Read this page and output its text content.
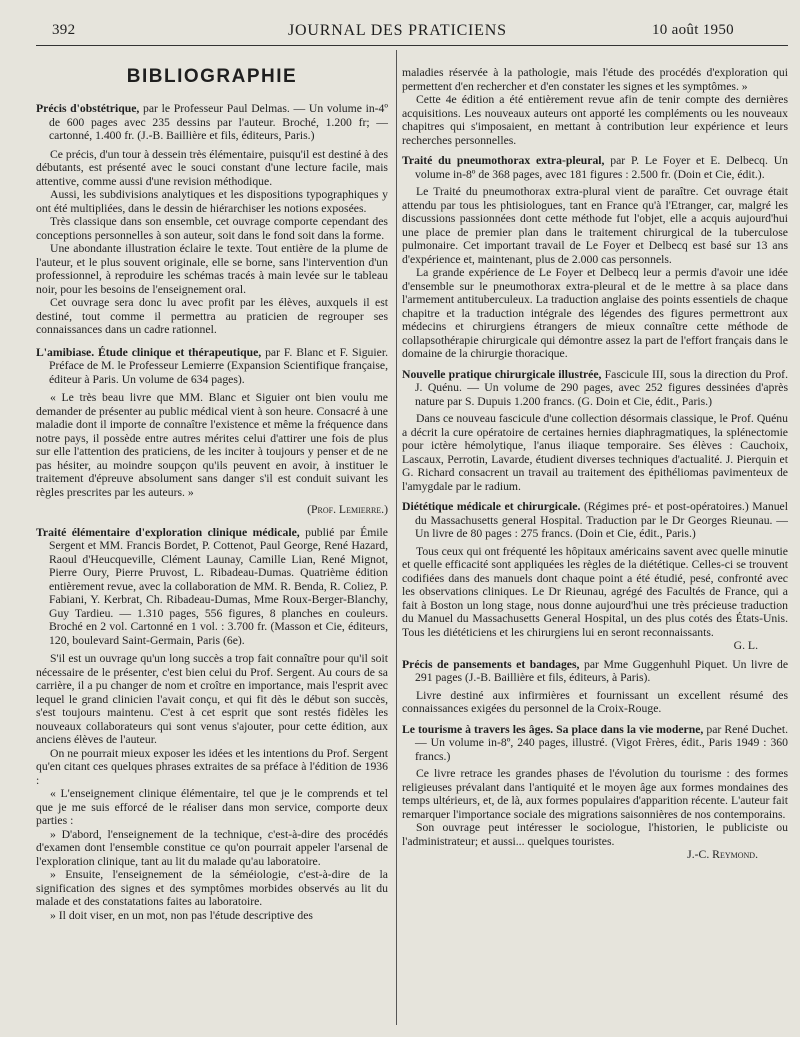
392	JOURNAL DES PRATICIENS	10 août 1950
BIBLIOGRAPHIE

Précis d'obstétrique, par le Professeur Paul Delmas. — Un volume in-4º de 600 pages avec 235 dessins par l'auteur. Broché, 1.200 fr; — cartonné, 1.400 fr. (J.-B. Baillière et fils, éditeurs, Paris.)

Ce précis, d'un tour à dessein très élémentaire, puisqu'il est destiné à des débutants, est présenté avec le souci constant d'une lecture facile, mais attentive, comme aussi d'une revision méthodique.

Aussi, les subdivisions analytiques et les dispositions typographiques y ont été multipliées, dans le dessin de hiérarchiser les notions exposées.

Très classique dans son ensemble, cet ouvrage comporte cependant des conceptions personnelles à son auteur, soit dans le fond soit dans la forme.

Une abondante illustration éclaire le texte. Tout entière de la plume de l'auteur, et le plus souvent originale, elle se borne, sans l'intervention d'un professionnel, à reproduire les schémas tracés à main levée sur le tableau noir, pour les besoins de l'enseignement oral.

Cet ouvrage sera donc lu avec profit par les élèves, auxquels il est destiné, tout comme il permettra au praticien de regrouper ses connaissances dans un cadre rationnel.

L'amibiase. Étude clinique et thérapeutique, par F. Blanc et F. Siguier. Préface de M. le Professeur Lemierre (Expansion Scientifique française, éditeur à Paris. Un volume de 634 pages).

« Le très beau livre que MM. Blanc et Siguier ont bien voulu me demander de présenter au public médical vient à son heure. Consacré à une maladie dont il importe de connaître l'existence et même la fréquence dans notre pays, il possède entre autres mérites celui d'attirer une fois de plus sur elle l'attention des praticiens, de les inciter à toujours y penser et de ne pas hésiter, au moindre soupçon qu'ils peuvent en avoir, à instituer le traitement d'épreuve absolument sans danger s'il est conduit suivant les règles prescrites par les auteurs. »

(Prof. Lemierre.)

Traité élémentaire d'exploration clinique médicale, publié par Émile Sergent et MM. Francis Bordet, P. Cottenot, Paul George, René Hazard, Raoul d'Heucqueville, Clément Launay, Camille Lian, René Mignot, Pierre Oury, Pierre Pruvost, L. Ribadeau-Dumas. Quatrième édition entièrement revue, avec la collaboration de MM. R. Benda, R. Coliez, P. Fabiani, Y. Kerbrat, Ch. Ribadeau-Dumas, Mme Roux-Berger-Blanchy, Guy Tardieu. — 1.310 pages, 556 figures, 8 planches en couleurs. Broché en 2 vol. Cartonné en 1 vol. : 3.700 fr. (Masson et Cie, éditeurs, 120, boulevard Saint-Germain, Paris (6e).

S'il est un ouvrage qu'un long succès a trop fait connaître pour qu'il soit nécessaire de le présenter, c'est bien celui du Prof. Sergent. Au cours de sa carrière, il a pu changer de nom et croître en importance, mais l'esprit avec lequel le grand clinicien l'avait conçu, et qui fit dès le début son succès, s'est toujours maintenu. C'est à cet esprit que sont restés fidèles les nouveaux collaborateurs qui sont venus s'ajouter, pour cette édition, aux anciens élèves de l'auteur.

On ne pourrait mieux exposer les idées et les intentions du Prof. Sergent qu'en citant ces quelques phrases extraites de sa préface à l'édition de 1936 :

« L'enseignement clinique élémentaire, tel que je le comprends et tel que je me suis efforcé de le réaliser dans mon service, comporte deux parties :

» D'abord, l'enseignement de la technique, c'est-à-dire des procédés d'examen dont l'ensemble constitue ce qu'on pourrait appeler l'arsenal de l'exploration clinique, tant au lit du malade qu'au laboratoire.

» Ensuite, l'enseignement de la séméiologie, c'est-à-dire de la signification des signes et des symptômes morbides observés au lit du malade et des constatations faites au laboratoire.

» Il doit viser, en un mot, non pas l'étude descriptive des

maladies réservée à la pathologie, mais l'étude des procédés d'exploration qui permettent d'en rechercher et d'en constater les signes et les symptômes. »

Cette 4e édition a été entièrement revue afin de tenir compte des dernières acquisitions. Les nouveaux auteurs ont apporté les compléments ou les nouveaux chapitres qui s'imposaient, en mettant à contribution leur expérience et leurs recherches personnelles.

Traité du pneumothorax extra-pleural, par P. Le Foyer et E. Delbecq. Un volume in-8º de 368 pages, avec 181 figures : 2.500 fr. (Doin et Cie, édit.).

Le Traité du pneumothorax extra-plural vient de paraître. Cet ouvrage était attendu par tous les phtisiologues, tant en France qu'à l'Etranger, car, malgré les discussions passionnées dont cette méthode fut l'objet, elle a acquis aujourd'hui une place de premier plan dans le traitement chirurgical de la tuberculose pulmonaire. Cet important travail de Le Foyer et Delbecq est basé sur 13 ans d'expérience et, maintenant, plus de 2.000 cas personnels.

La grande expérience de Le Foyer et Delbecq leur a permis d'avoir une idée d'ensemble sur le pneumothorax extra-pleural et de le mettre à sa place dans l'armement antituberculeux. La traduction anglaise des points essentiels de chaque chapitre et la traduction intégrale des légendes des figures permettront aux médecins et chirurgiens étrangers de mieux connaître cette méthode de collapsothérapie chirurgicale qui démontre assez la part de l'effort français dans le domaine de la chirurgie thoracique.

Nouvelle pratique chirurgicale illustrée, Fascicule III, sous la direction du Prof. J. Quénu. — Un volume de 290 pages, avec 252 figures dessinées d'après nature par S. Dupuis 1.200 francs. (G. Doin et Cie, édit., Paris.)

Dans ce nouveau fascicule d'une collection désormais classique, le Prof. Quénu a décrit la cure opératoire de certaines hernies diaphragmatiques, la splénectomie pour ictère hémolytique, l'anus iliaque temporaire. Ses élèves : Cauchoix, Lascaux, Perrotin, Lavarde, étudient diverses techniques d'actualité. J. Pierquin et G. Richard consacrent un travail au traitement des épithéliomas pavimenteux de l'amygdale par le radium.

Diététique médicale et chirurgicale. (Régimes pré- et post-opératoires.) Manuel du Massachusetts general Hospital. Traduction par le Dr Georges Rieunau. — Un livre de 80 pages : 275 francs. (Doin et Cie, édit., Paris.)

Tous ceux qui ont fréquenté les hôpitaux américains savent avec quelle minutie et quelle efficacité sont appliquées les règles de la diététique. Celles-ci se trouvent codifiées dans des manuels dont chaque point a été étudié, pesé, confronté avec les observations cliniques. Le Dr Rieunau, agrégé des Facultés de France, qui a fait à Boston un long stage, nous donne aujourd'hui une très précieuse traduction du Manuel du Massachusetts General Hospital, un des plus cotés des États-Unis. Tous les diététiciens et les chirurgiens lui en seront reconnaissants.

G. L.

Précis de pansements et bandages, par Mme Guggenhuhl Piquet. Un livre de 291 pages (J.-B. Baillière et fils, éditeurs, à Paris).

Livre destiné aux infirmières et fournissant un excellent résumé des connaissances exigées du personnel de la Croix-Rouge.

Le tourisme à travers les âges. Sa place dans la vie moderne, par René Duchet. — Un volume in-8º, 240 pages, illustré. (Vigot Frères, édit., Paris 1949 : 360 francs.)

Ce livre retrace les grandes phases de l'évolution du tourisme : des formes religieuses prévalant dans l'antiquité et le moyen âge aux formes mondaines des temps ultérieurs, et, de là, aux formes populaires d'apparition récente. L'auteur fait remarquer l'importance sociale des migrations saisonnières de nos contemporains.

Son ouvrage peut intéresser le sociologue, l'historien, le publiciste ou l'administrateur; et aussi... quelques touristes.

J.-C. Reymond.
